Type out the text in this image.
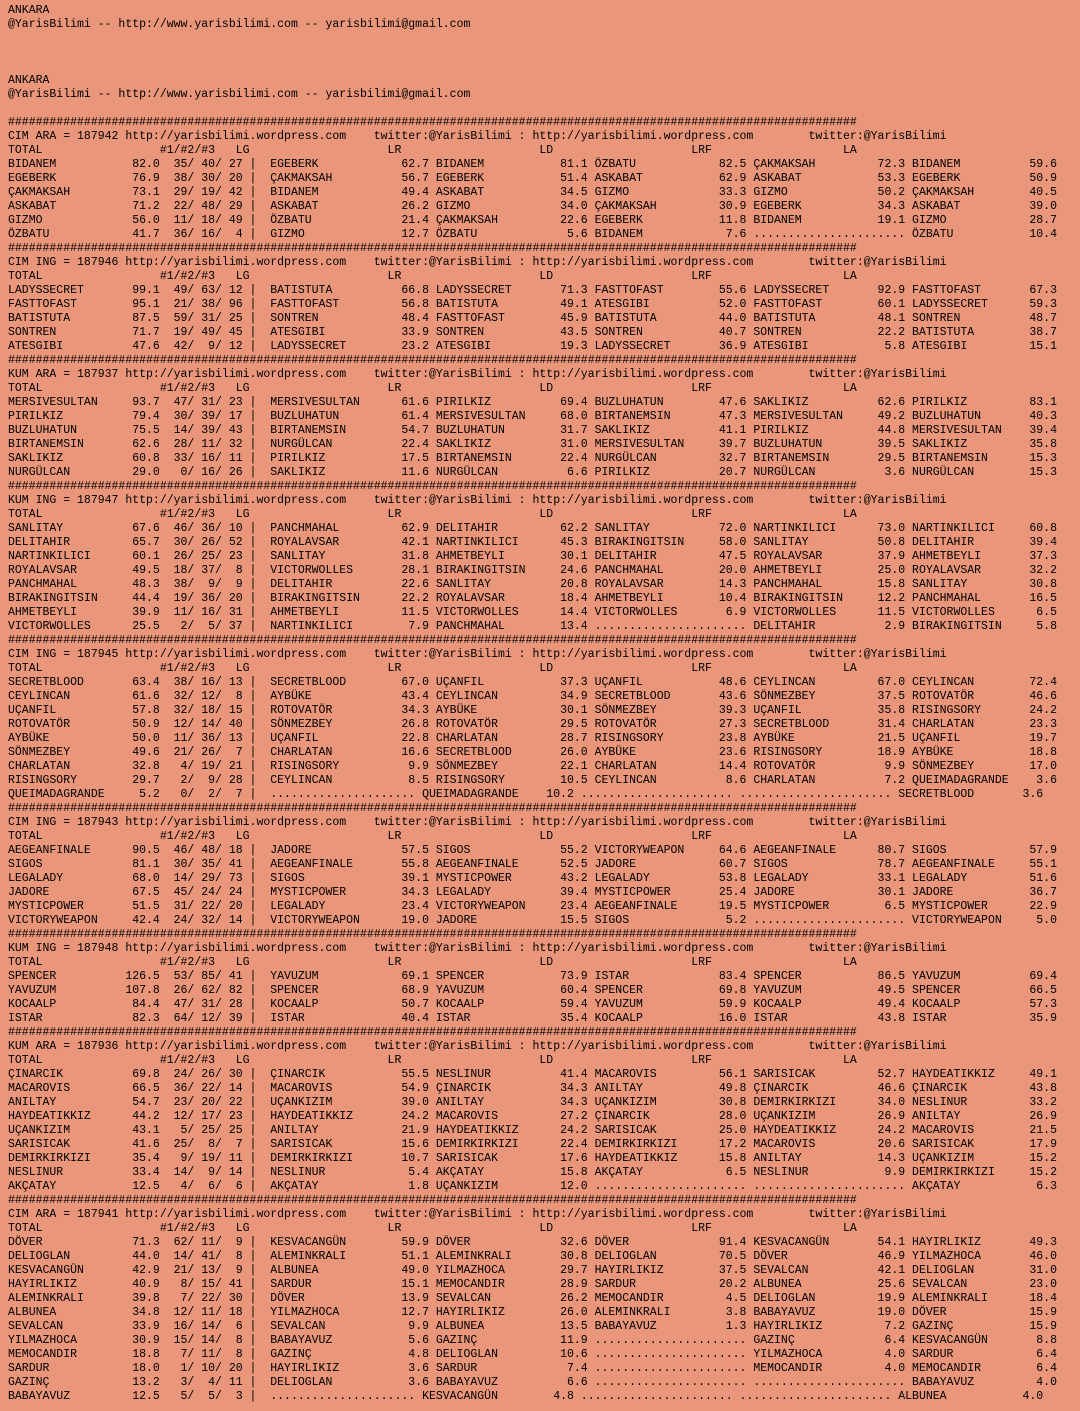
ANKARA
@YarisBilimi -- http://www.yarisbilimi.com -- yarisbilimi@gmail.com
ANKARA
@YarisBilimi -- http://www.yarisbilimi.com -- yarisbilimi@gmail.com
###########################################################################################################################
CIM ARA = 187942 http://yarisbilimi.wordpress.com    twitter:@YarisBilimi : http://yarisbilimi.wordpress.com        twitter:@YarisBilimi
TOTAL                 #1/#2/#3   LG                    LR                    LD                    LRF                   LA
BIDANEM           82.0  35/ 40/ 27 |  EGEBERK            62.7 BIDANEM           81.1 ÖZBATU            82.5 ÇAKMAKSAH         72.3 BIDANEM          59.6
EGEBERK           76.9  38/ 30/ 20 |  ÇAKMAKSAH          56.7 EGEBERK           51.4 ASKABAT           62.9 ASKABAT           53.3 EGEBERK          50.9
ÇAKMAKSAH         73.1  29/ 19/ 42 |  BIDANEM            49.4 ASKABAT           34.5 GIZMO             33.3 GIZMO             50.2 ÇAKMAKSAH        40.5
ASKABAT           71.2  22/ 48/ 29 |  ASKABAT            26.2 GIZMO             34.0 ÇAKMAKSAH         30.9 EGEBERK           34.3 ASKABAT          39.0
GIZMO             56.0  11/ 18/ 49 |  ÖZBATU             21.4 ÇAKMAKSAH         22.6 EGEBERK           11.8 BIDANEM           19.1 GIZMO            28.7
ÖZBATU            41.7  36/ 16/  4 |  GIZMO              12.7 ÖZBATU             5.6 BIDANEM            7.6 ...................... ÖZBATU           10.4
###########################################################################################################################
CIM ING = 187946 http://yarisbilimi.wordpress.com    twitter:@YarisBilimi : http://yarisbilimi.wordpress.com        twitter:@YarisBilimi
TOTAL                 #1/#2/#3   LG                    LR                    LD                    LRF                   LA
LADYSSECRET       99.1  49/ 63/ 12 |  BATISTUTA          66.8 LADYSSECRET       71.3 FASTTOFAST        55.6 LADYSSECRET       92.9 FASTTOFAST       67.3
FASTTOFAST        95.1  21/ 38/ 96 |  FASTTOFAST         56.8 BATISTUTA         49.1 ATESGIBI          52.0 FASTTOFAST        60.1 LADYSSECRET      59.3
BATISTUTA         87.5  59/ 31/ 25 |  SONTREN            48.4 FASTTOFAST        45.9 BATISTUTA         44.0 BATISTUTA         48.1 SONTREN          48.7
SONTREN           71.7  19/ 49/ 45 |  ATESGIBI           33.9 SONTREN           43.5 SONTREN           40.7 SONTREN           22.2 BATISTUTA        38.7
ATESGIBI          47.6  42/  9/ 12 |  LADYSSECRET        23.2 ATESGIBI          19.3 LADYSSECRET       36.9 ATESGIBI           5.8 ATESGIBI         15.1
###########################################################################################################################
KUM ARA = 187937 http://yarisbilimi.wordpress.com    twitter:@YarisBilimi : http://yarisbilimi.wordpress.com        twitter:@YarisBilimi
TOTAL                 #1/#2/#3   LG                    LR                    LD                    LRF                   LA
MERSIVESULTAN     93.7  47/ 31/ 23 |  MERSIVESULTAN      61.6 PIRILKIZ          69.4 BUZLUHATUN        47.6 SAKLIKIZ          62.6 PIRILKIZ         83.1
PIRILKIZ          79.4  30/ 39/ 17 |  BUZLUHATUN         61.4 MERSIVESULTAN     68.0 BIRTANEMSIN       47.3 MERSIVESULTAN     49.2 BUZLUHATUN       40.3
BUZLUHATUN        75.5  14/ 39/ 43 |  BIRTANEMSIN        54.7 BUZLUHATUN        31.7 SAKLIKIZ          41.1 PIRILKIZ          44.8 MERSIVESULTAN    39.4
BIRTANEMSIN       62.6  28/ 11/ 32 |  NURGÜLCAN          22.4 SAKLIKIZ          31.0 MERSIVESULTAN     39.7 BUZLUHATUN        39.5 SAKLIKIZ         35.8
SAKLIKIZ          60.8  33/ 16/ 11 |  PIRILKIZ           17.5 BIRTANEMSIN       22.4 NURGÜLCAN         32.7 BIRTANEMSIN       29.5 BIRTANEMSIN      15.3
NURGÜLCAN         29.0   0/ 16/ 26 |  SAKLIKIZ           11.6 NURGÜLCAN          6.6 PIRILKIZ          20.7 NURGÜLCAN          3.6 NURGÜLCAN        15.3
###########################################################################################################################
KUM ING = 187947 http://yarisbilimi.wordpress.com    twitter:@YarisBilimi : http://yarisbilimi.wordpress.com        twitter:@YarisBilimi
TOTAL                 #1/#2/#3   LG                    LR                    LD                    LRF                   LA
SANLITAY          67.6  46/ 36/ 10 |  PANCHMAHAL         62.9 DELITAHIR         62.2 SANLITAY          72.0 NARTINKILICI      73.0 NARTINKILICI     60.8
DELITAHIR         65.7  30/ 26/ 52 |  ROYALAVSAR         42.1 NARTINKILICI      45.3 BIRAKINGITSIN     58.0 SANLITAY          50.8 DELITAHIR        39.4
NARTINKILICI      60.1  26/ 25/ 23 |  SANLITAY           31.8 AHMETBEYLI        30.1 DELITAHIR         47.5 ROYALAVSAR        37.9 AHMETBEYLI       37.3
ROYALAVSAR        49.5  18/ 37/  8 |  VICTORWOLLES       28.1 BIRAKINGITSIN     24.6 PANCHMAHAL        20.0 AHMETBEYLI        25.0 ROYALAVSAR       32.2
PANCHMAHAL        48.3  38/  9/  9 |  DELITAHIR          22.6 SANLITAY          20.8 ROYALAVSAR        14.3 PANCHMAHAL        15.8 SANLITAY         30.8
BIRAKINGITSIN     44.4  19/ 36/ 20 |  BIRAKINGITSIN      22.2 ROYALAVSAR        18.4 AHMETBEYLI        10.4 BIRAKINGITSIN     12.2 PANCHMAHAL       16.5
AHMETBEYLI        39.9  11/ 16/ 31 |  AHMETBEYLI         11.5 VICTORWOLLES      14.4 VICTORWOLLES       6.9 VICTORWOLLES      11.5 VICTORWOLLES      6.5
VICTORWOLLES      25.5   2/  5/ 37 |  NARTINKILICI        7.9 PANCHMAHAL        13.4 ...................... DELITAHIR          2.9 BIRAKINGITSIN     5.8
###########################################################################################################################
CIM ING = 187945 http://yarisbilimi.wordpress.com    twitter:@YarisBilimi : http://yarisbilimi.wordpress.com        twitter:@YarisBilimi
TOTAL                 #1/#2/#3   LG                    LR                    LD                    LRF                   LA
SECRETBLOOD       63.4  38/ 16/ 13 |  SECRETBLOOD        67.0 UÇANFIL           37.3 UÇANFIL           48.6 CEYLINCAN         67.0 CEYLINCAN        72.4
CEYLINCAN         61.6  32/ 12/  8 |  AYBÜKE             43.4 CEYLINCAN         34.9 SECRETBLOOD       43.6 SÖNMEZBEY         37.5 ROTOVATÖR        46.6
UÇANFIL           57.8  32/ 18/ 15 |  ROTOVATÖR          34.3 AYBÜKE            30.1 SÖNMEZBEY         39.3 UÇANFIL           35.8 RISINGSORY       24.2
ROTOVATÖR         50.9  12/ 14/ 40 |  SÖNMEZBEY          26.8 ROTOVATÖR         29.5 ROTOVATÖR         27.3 SECRETBLOOD       31.4 CHARLATAN        23.3
AYBÜKE            50.0  11/ 36/ 13 |  UÇANFIL            22.8 CHARLATAN         28.7 RISINGSORY        23.8 AYBÜKE            21.5 UÇANFIL          19.7
SÖNMEZBEY         49.6  21/ 26/  7 |  CHARLATAN          16.6 SECRETBLOOD       26.0 AYBÜKE            23.6 RISINGSORY        18.9 AYBÜKE           18.8
CHARLATAN         32.8   4/ 19/ 21 |  RISINGSORY          9.9 SÖNMEZBEY         22.1 CHARLATAN         14.4 ROTOVATÖR          9.9 SÖNMEZBEY        17.0
RISINGSORY        29.7   2/  9/ 28 |  CEYLINCAN           8.5 RISINGSORY        10.5 CEYLINCAN          8.6 CHARLATAN          7.2 QUEIMADAGRANDE    3.6
QUEIMADAGRANDE     5.2   0/  2/  7 |  ..................... QUEIMADAGRANDE    10.2 ...................... ...................... SECRETBLOOD       3.6
###########################################################################################################################
CIM ING = 187943 http://yarisbilimi.wordpress.com    twitter:@YarisBilimi : http://yarisbilimi.wordpress.com        twitter:@YarisBilimi
TOTAL                 #1/#2/#3   LG                    LR                    LD                    LRF                   LA
AEGEANFINALE      90.5  46/ 48/ 18 |  JADORE             57.5 SIGOS             55.2 VICTORYWEAPON     64.6 AEGEANFINALE      80.7 SIGOS            57.9
SIGOS             81.1  30/ 35/ 41 |  AEGEANFINALE       55.8 AEGEANFINALE      52.5 JADORE            60.7 SIGOS             78.7 AEGEANFINALE     55.1
LEGALADY          68.0  14/ 29/ 73 |  SIGOS              39.1 MYSTICPOWER       43.2 LEGALADY          53.8 LEGALADY          33.1 LEGALADY         51.6
JADORE            67.5  45/ 24/ 24 |  MYSTICPOWER        34.3 LEGALADY          39.4 MYSTICPOWER       25.4 JADORE            30.1 JADORE           36.7
MYSTICPOWER       51.5  31/ 22/ 20 |  LEGALADY           23.4 VICTORYWEAPON     23.4 AEGEANFINALE      19.5 MYSTICPOWER        6.5 MYSTICPOWER      22.9
VICTORYWEAPON     42.4  24/ 32/ 14 |  VICTORYWEAPON      19.0 JADORE            15.5 SIGOS              5.2 ...................... VICTORYWEAPON     5.0
###########################################################################################################################
KUM ING = 187948 http://yarisbilimi.wordpress.com    twitter:@YarisBilimi : http://yarisbilimi.wordpress.com        twitter:@YarisBilimi
TOTAL                 #1/#2/#3   LG                    LR                    LD                    LRF                   LA
SPENCER          126.5  53/ 85/ 41 |  YAVUZUM            69.1 SPENCER           73.9 ISTAR             83.4 SPENCER           86.5 YAVUZUM          69.4
YAVUZUM          107.8  26/ 62/ 82 |  SPENCER            68.9 YAVUZUM           60.4 SPENCER           69.8 YAVUZUM           49.5 SPENCER          66.5
KOCAALP           84.4  47/ 31/ 28 |  KOCAALP            50.7 KOCAALP           59.4 YAVUZUM           59.9 KOCAALP           49.4 KOCAALP          57.3
ISTAR             82.3  64/ 12/ 39 |  ISTAR              40.4 ISTAR             35.4 KOCAALP           16.0 ISTAR             43.8 ISTAR            35.9
###########################################################################################################################
KUM ARA = 187936 http://yarisbilimi.wordpress.com    twitter:@YarisBilimi : http://yarisbilimi.wordpress.com        twitter:@YarisBilimi
TOTAL                 #1/#2/#3   LG                    LR                    LD                    LRF                   LA
ÇINARCIK          69.8  24/ 26/ 30 |  ÇINARCIK           55.5 NESLINUR          41.4 MACAROVIS         56.1 SARISICAK         52.7 HAYDEATIKKIZ     49.1
MACAROVIS         66.5  36/ 22/ 14 |  MACAROVIS          54.9 ÇINARCIK          34.3 ANILTAY           49.8 ÇINARCIK          46.6 ÇINARCIK         43.8
ANILTAY           54.7  23/ 20/ 22 |  UÇANKIZIM          39.0 ANILTAY           34.3 UÇANKIZIM         30.8 DEMIRKIRKIZI      34.0 NESLINUR         33.2
HAYDEATIKKIZ      44.2  12/ 17/ 23 |  HAYDEATIKKIZ       24.2 MACAROVIS         27.2 ÇINARCIK          28.0 UÇANKIZIM         26.9 ANILTAY          26.9
UÇANKIZIM         43.1   5/ 25/ 25 |  ANILTAY            21.9 HAYDEATIKKIZ      24.2 SARISICAK         25.0 HAYDEATIKKIZ      24.2 MACAROVIS        21.5
SARISICAK         41.6  25/  8/  7 |  SARISICAK          15.6 DEMIRKIRKIZI      22.4 DEMIRKIRKIZI      17.2 MACAROVIS         20.6 SARISICAK        17.9
DEMIRKIRKIZI      35.4   9/ 19/ 11 |  DEMIRKIRKIZI       10.7 SARISICAK         17.6 HAYDEATIKKIZ      15.8 ANILTAY           14.3 UÇANKIZIM        15.2
NESLINUR          33.4  14/  9/ 14 |  NESLINUR            5.4 AKÇATAY           15.8 AKÇATAY            6.5 NESLINUR           9.9 DEMIRKIRKIZI     15.2
AKÇATAY           12.5   4/  6/  6 |  AKÇATAY             1.8 UÇANKIZIM         12.0 ...................... ...................... AKÇATAY           6.3
###########################################################################################################################
CIM ARA = 187941 http://yarisbilimi.wordpress.com    twitter:@YarisBilimi : http://yarisbilimi.wordpress.com        twitter:@YarisBilimi
TOTAL                 #1/#2/#3   LG                    LR                    LD                    LRF                   LA
DÖVER             71.3  62/ 11/  9 |  KESVACANGÜN        59.9 DÖVER             32.6 DÖVER             91.4 KESVACANGÜN       54.1 HAYIRLIKIZ       49.3
DELIOGLAN         44.0  14/ 41/  8 |  ALEMINKRALI        51.1 ALEMINKRALI       30.8 DELIOGLAN         70.5 DÖVER             46.9 YILMAZHOCA       46.0
KESVACANGÜN       42.9  21/ 13/  9 |  ALBUNEA            49.0 YILMAZHOCA        29.7 HAYIRLIKIZ        37.5 SEVALCAN          42.1 DELIOGLAN        31.0
HAYIRLIKIZ        40.9   8/ 15/ 41 |  SARDUR             15.1 MEMOCANDIR        28.9 SARDUR            20.2 ALBUNEA           25.6 SEVALCAN         23.0
ALEMINKRALI       39.8   7/ 22/ 30 |  DÖVER              13.9 SEVALCAN          26.2 MEMOCANDIR         4.5 DELIOGLAN         19.9 ALEMINKRALI      18.4
ALBUNEA           34.8  12/ 11/ 18 |  YILMAZHOCA         12.7 HAYIRLIKIZ        26.0 ALEMINKRALI        3.8 BABAYAVUZ         19.0 DÖVER            15.9
SEVALCAN          33.9  16/ 14/  6 |  SEVALCAN            9.9 ALBUNEA           13.5 BABAYAVUZ          1.3 HAYIRLIKIZ         7.2 GAZINÇ           15.9
YILMAZHOCA        30.9  15/ 14/  8 |  BABAYAVUZ           5.6 GAZINÇ            11.9 ...................... GAZINÇ             6.4 KESVACANGÜN       8.8
MEMOCANDIR        18.8   7/ 11/  8 |  GAZINÇ              4.8 DELIOGLAN         10.6 ...................... YILMAZHOCA         4.0 SARDUR            6.4
SARDUR            18.0   1/ 10/ 20 |  HAYIRLIKIZ          3.6 SARDUR             7.4 ...................... MEMOCANDIR         4.0 MEMOCANDIR        6.4
GAZINÇ            13.2   3/  4/ 11 |  DELIOGLAN           3.6 BABAYAVUZ          6.6 ...................... ...................... BABAYAVUZ         4.0
BABAYAVUZ         12.5   5/  5/  3 |  ..................... KESVACANGÜN        4.8 ...................... ...................... ALBUNEA           4.0
